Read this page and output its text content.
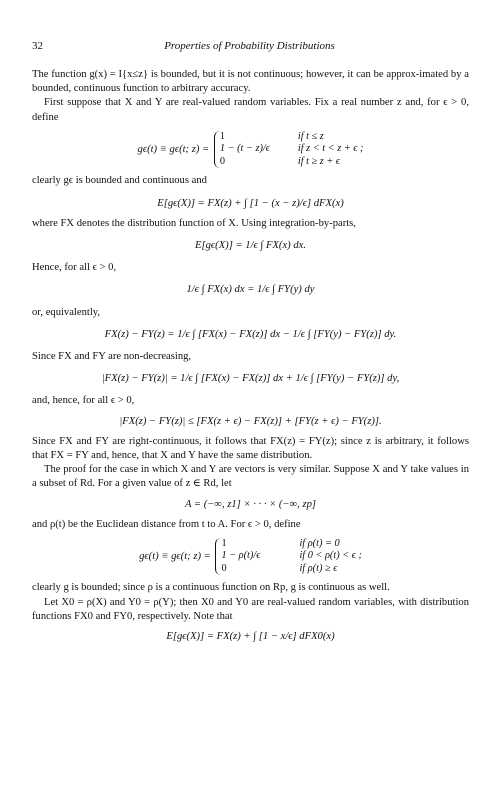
32	Properties of Probability Distributions

The function g(x) = I{x≤z} is bounded, but it is not continuous; however, it can be approx-imated by a bounded, continuous function to arbitrary accuracy.

First suppose that X and Y are real-valued random variables. Fix a real number z and, for ϵ > 0, define

gϵ(t) ≡ gϵ(t; z) =
1	if t ≤ z
1 − (t − z)/ϵ	if z < t < z + ϵ ;
0	if t ≥ z + ϵ

clearly gϵ is bounded and continuous and

E[gϵ(X)] = FX(z) + ∫ [1 − (x − z)/ϵ] dFX(x)

where FX denotes the distribution function of X. Using integration-by-parts,

E[gϵ(X)] = 1/ϵ ∫ FX(x) dx.

Hence, for all ϵ > 0,

1/ϵ ∫ FX(x) dx = 1/ϵ ∫ FY(y) dy

or, equivalently,

FX(z) − FY(z) = 1/ϵ ∫ [FX(x) − FX(z)] dx − 1/ϵ ∫ [FY(y) − FY(z)] dy.

Since FX and FY are non-decreasing,

|FX(z) − FY(z)| = 1/ϵ ∫ [FX(x) − FX(z)] dx + 1/ϵ ∫ [FY(y) − FY(z)] dy,

and, hence, for all ϵ > 0,

|FX(z) − FY(z)| ≤ [FX(z + ϵ) − FX(z)] + [FY(z + ϵ) − FY(z)].

Since FX and FY are right-continuous, it follows that FX(z) = FY(z); since z is arbitrary, it follows that FX = FY and, hence, that X and Y have the same distribution.

The proof for the case in which X and Y are vectors is very similar. Suppose X and Y take values in a subset of Rd. For a given value of z ∈ Rd, let

A = (−∞, z1] × · · · × (−∞, zp]

and ρ(t) be the Euclidean distance from t to A. For ϵ > 0, define

gϵ(t) ≡ gϵ(t; z) =
1	if ρ(t) = 0
1 − ρ(t)/ϵ	if 0 < ρ(t) < ϵ ;
0	if ρ(t) ≥ ϵ

clearly g is bounded; since ρ is a continuous function on Rp, g is continuous as well.

Let X0 = ρ(X) and Y0 = ρ(Y); then X0 and Y0 are real-valued random variables, with distribution functions FX0 and FY0, respectively. Note that

E[gϵ(X)] = FX(z) + ∫ [1 − x/ϵ] dFX0(x)
